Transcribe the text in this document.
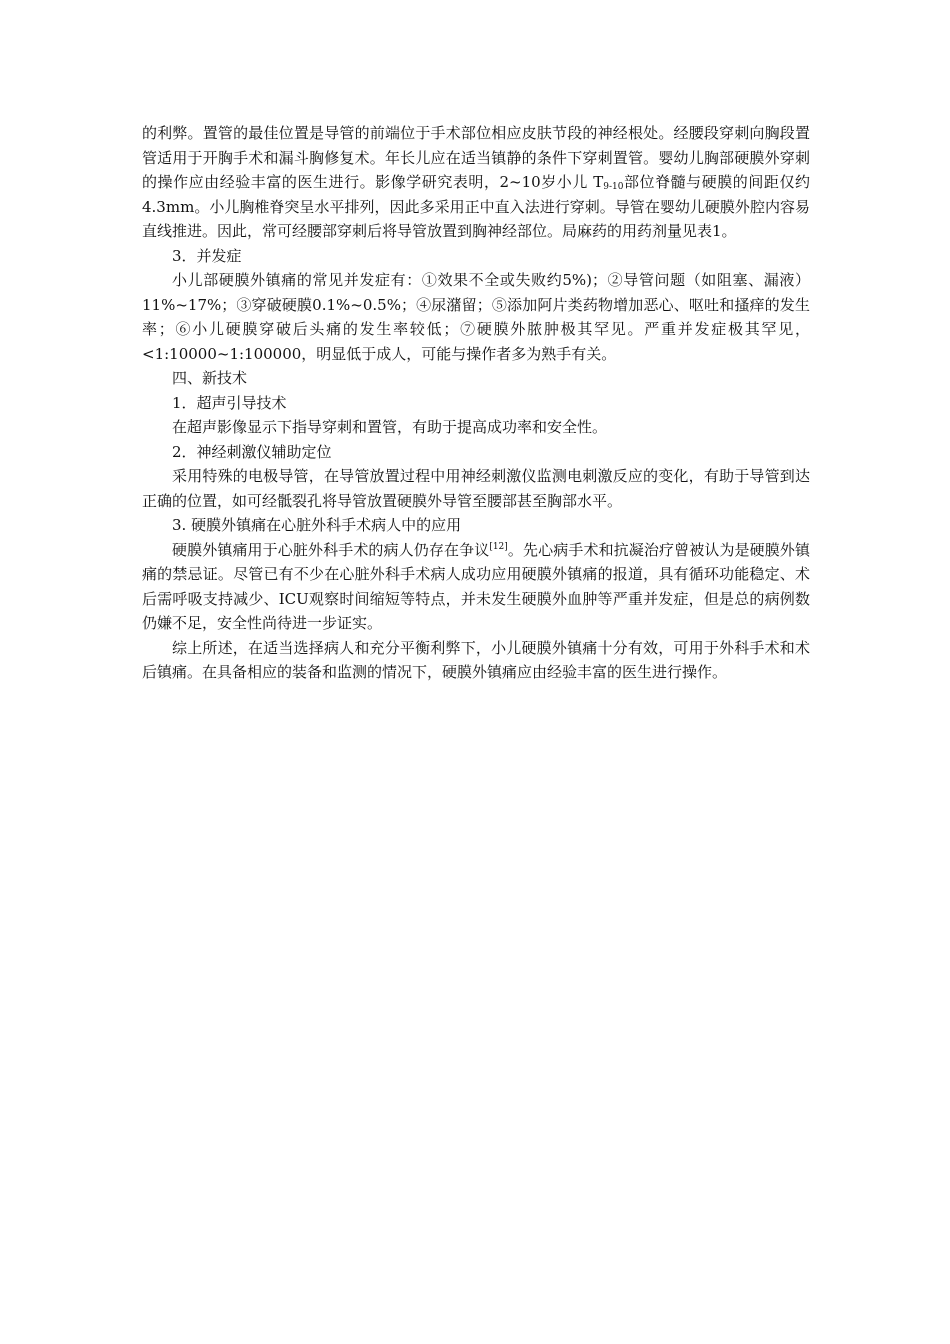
的利弊。置管的最佳位置是导管的前端位于手术部位相应皮肤节段的神经根处。经腰段穿刺向胸段置管适用于开胸手术和漏斗胸修复术。年长儿应在适当镇静的条件下穿刺置管。婴幼儿胸部硬膜外穿刺的操作应由经验丰富的医生进行。影像学研究表明，2~10岁小儿 $T_{9-10}$部位脊髓与硬膜的间距仅约4.3mm。小儿胸椎脊突呈水平排列，因此多采用正中直入法进行穿刺。导管在婴幼儿硬膜外腔内容易直线推进。因此，常可经腰部穿刺后将导管放置到胸神经部位。局麻药的用药剂量见表1。

3．并发症

小儿部硬膜外镇痛的常见并发症有：①效果不全或失败约5%)；②导管问题（如阻塞、漏液）11%~17%；③穿破硬膜0.1%~0.5%；④尿潴留；⑤添加阿片类药物增加恶心、呕吐和搔痒的发生率；⑥小儿硬膜穿破后头痛的发生率较低；⑦硬膜外脓肿极其罕见。严重并发症极其罕见，<1:10000~1:100000，明显低于成人，可能与操作者多为熟手有关。

四、新技术

1．超声引导技术

在超声影像显示下指导穿刺和置管，有助于提高成功率和安全性。

2．神经刺激仪辅助定位

采用特殊的电极导管，在导管放置过程中用神经刺激仪监测电刺激反应的变化，有助于导管到达正确的位置，如可经骶裂孔将导管放置硬膜外导管至腰部甚至胸部水平。

3. 硬膜外镇痛在心脏外科手术病人中的应用

硬膜外镇痛用于心脏外科手术的病人仍存在争议[12]。先心病手术和抗凝治疗曾被认为是硬膜外镇痛的禁忌证。尽管已有不少在心脏外科手术病人成功应用硬膜外镇痛的报道，具有循环功能稳定、术后需呼吸支持减少、ICU观察时间缩短等特点，并未发生硬膜外血肿等严重并发症，但是总的病例数仍嫌不足，安全性尚待进一步证实。

综上所述，在适当选择病人和充分平衡利弊下，小儿硬膜外镇痛十分有效，可用于外科手术和术后镇痛。在具备相应的装备和监测的情况下，硬膜外镇痛应由经验丰富的医生进行操作。
